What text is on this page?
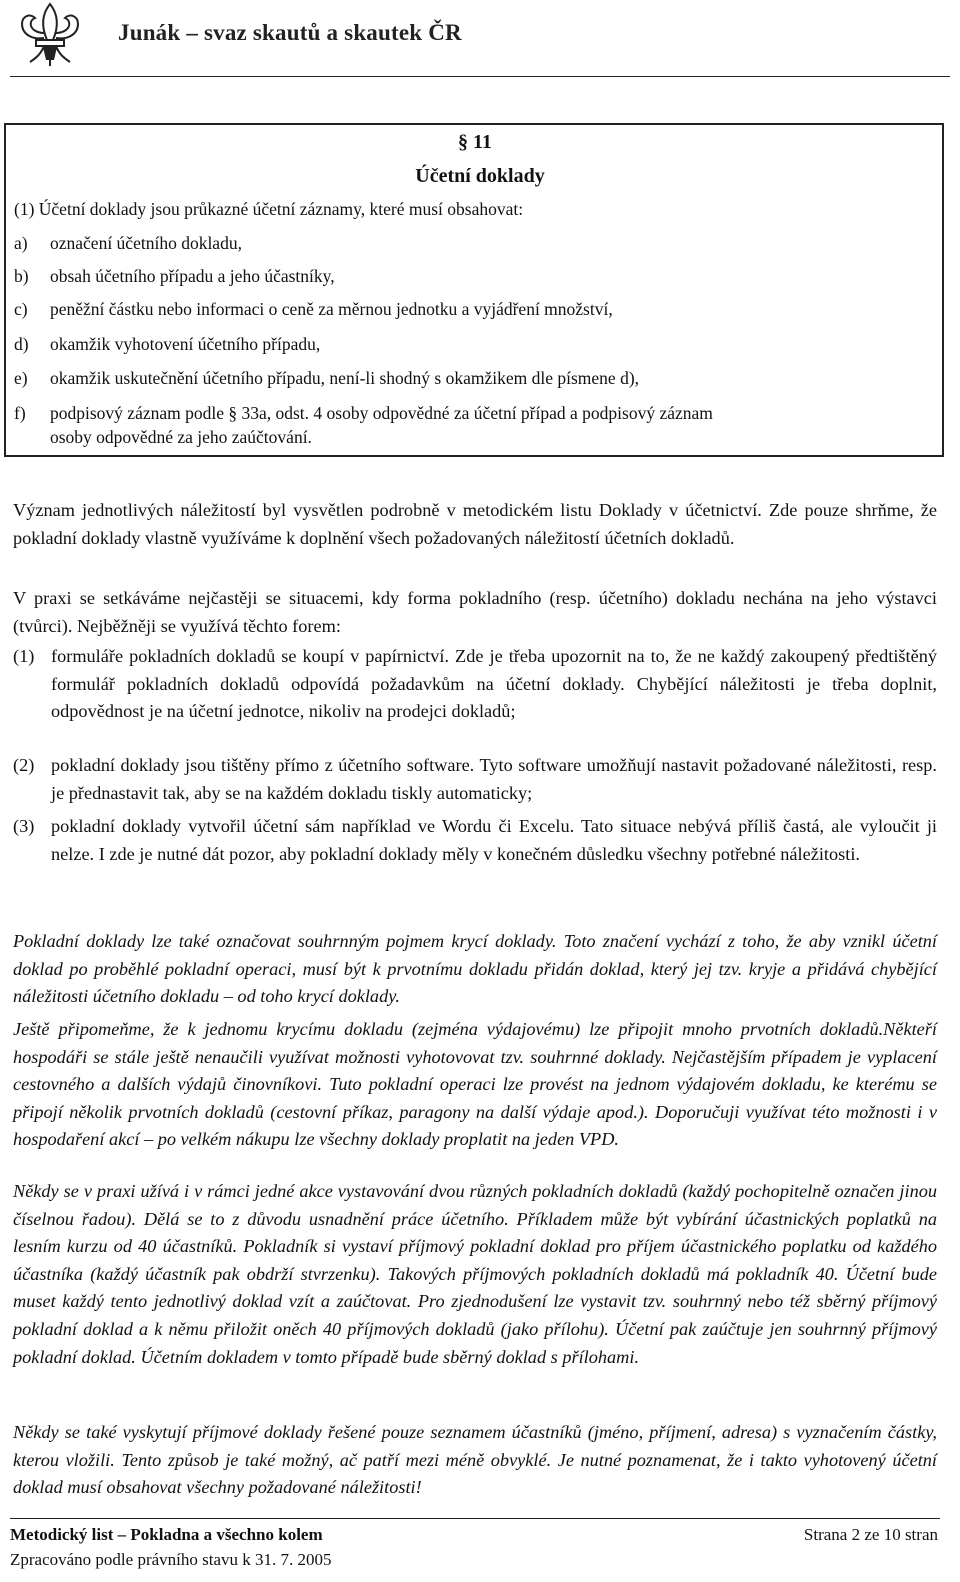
Junák – svaz skautů a skautek ČR
§ 11
Účetní doklady
(1) Účetní doklady jsou průkazné účetní záznamy, které musí obsahovat:
a) označení účetního dokladu,
b) obsah účetního případu a jeho účastníky,
c) peněžní částku nebo informaci o ceně za měrnou jednotku a vyjádření množství,
d) okamžik vyhotovení účetního případu,
e) okamžik uskutečnění účetního případu, není-li shodný s okamžikem dle písmene d),
f) podpisový záznam podle § 33a, odst. 4 osoby odpovědné za účetní případ a podpisový záznam
osoby odpovědné za jeho zaúčtování.
Význam jednotlivých náležitostí byl vysvětlen podrobně v metodickém listu Doklady v účetnictví. Zde pouze shrňme, že pokladní doklady vlastně využíváme k doplnění všech požadovaných náležitostí účetních dokladů.
V praxi se setkáváme nejčastěji se situacemi, kdy forma pokladního (resp. účetního) dokladu nechána na jeho výstavci (tvůrci). Nejběžněji se využívá těchto forem:
(1) formuláře pokladních dokladů se koupí v papírnictví. Zde je třeba upozornit na to, že ne každý zakoupený předtištěný formulář pokladních dokladů odpovídá požadavkům na účetní doklady. Chybějící náležitosti je třeba doplnit, odpovědnost je na účetní jednotce, nikoliv na prodejci dokladů;
(2) pokladní doklady jsou tištěny přímo z účetního software. Tyto software umožňují nastavit požadované náležitosti, resp. je přednastavit tak, aby se na každém dokladu tiskly automaticky;
(3) pokladní doklady vytvořil účetní sám například ve Wordu či Excelu. Tato situace nebývá příliš častá, ale vyloučit ji nelze. I zde je nutné dát pozor, aby pokladní doklady měly v konečném důsledku všechny potřebné náležitosti.
Pokladní doklady lze také označovat souhrnným pojmem krycí doklady. Toto značení vychází z toho, že aby vznikl účetní doklad po proběhlé pokladní operaci, musí být k prvotnímu dokladu přidán doklad, který jej tzv. kryje a přidává chybějící náležitosti účetního dokladu – od toho krycí doklady.
Ještě připomeňme, že k jednomu krycímu dokladu (zejména výdajovému) lze připojit mnoho prvotních dokladů.Někteří hospodáři se stále ještě nenaučili využívat možnosti vyhotovovat tzv. souhrnné doklady. Nejčastějším případem je vyplacení cestovného a dalších výdajů činovníkovi. Tuto pokladní operaci lze provést na jednom výdajovém dokladu, ke kterému se připojí několik prvotních dokladů (cestovní příkaz, paragony na další výdaje apod.). Doporučuji využívat této možnosti i v hospodaření akcí – po velkém nákupu lze všechny doklady proplatit na jeden VPD.
Někdy se v praxi užívá i v rámci jedné akce vystavování dvou různých pokladních dokladů (každý pochopitelně označen jinou číselnou řadou). Dělá se to z důvodu usnadnění práce účetního. Příkladem může být vybírání účastnických poplatků na lesním kurzu od 40 účastníků. Pokladník si vystaví příjmový pokladní doklad pro příjem účastnického poplatku od každého účastníka (každý účastník pak obdrží stvrzenku). Takových příjmových pokladních dokladů má pokladník 40. Účetní bude muset každý tento jednotlivý doklad vzít a zaúčtovat. Pro zjednodušení lze vystavit tzv. souhrnný nebo též sběrný příjmový pokladní doklad a k němu přiložit oněch 40 příjmových dokladů (jako přílohu). Účetní pak zaúčtuje jen souhrnný příjmový pokladní doklad. Účetním dokladem v tomto případě bude sběrný doklad s přílohami.
Někdy se také vyskytují příjmové doklady řešené pouze seznamem účastníků (jméno, příjmení, adresa) s vyznačením částky, kterou vložili. Tento způsob je také možný, ač patří mezi méně obvyklé. Je nutné poznamenat, že i takto vyhotovený účetní doklad musí obsahovat všechny požadované náležitosti!
Metodický list – Pokladna a všechno kolem	Strana 2 ze 10 stran
Zpracováno podle právního stavu k 31. 7. 2005
